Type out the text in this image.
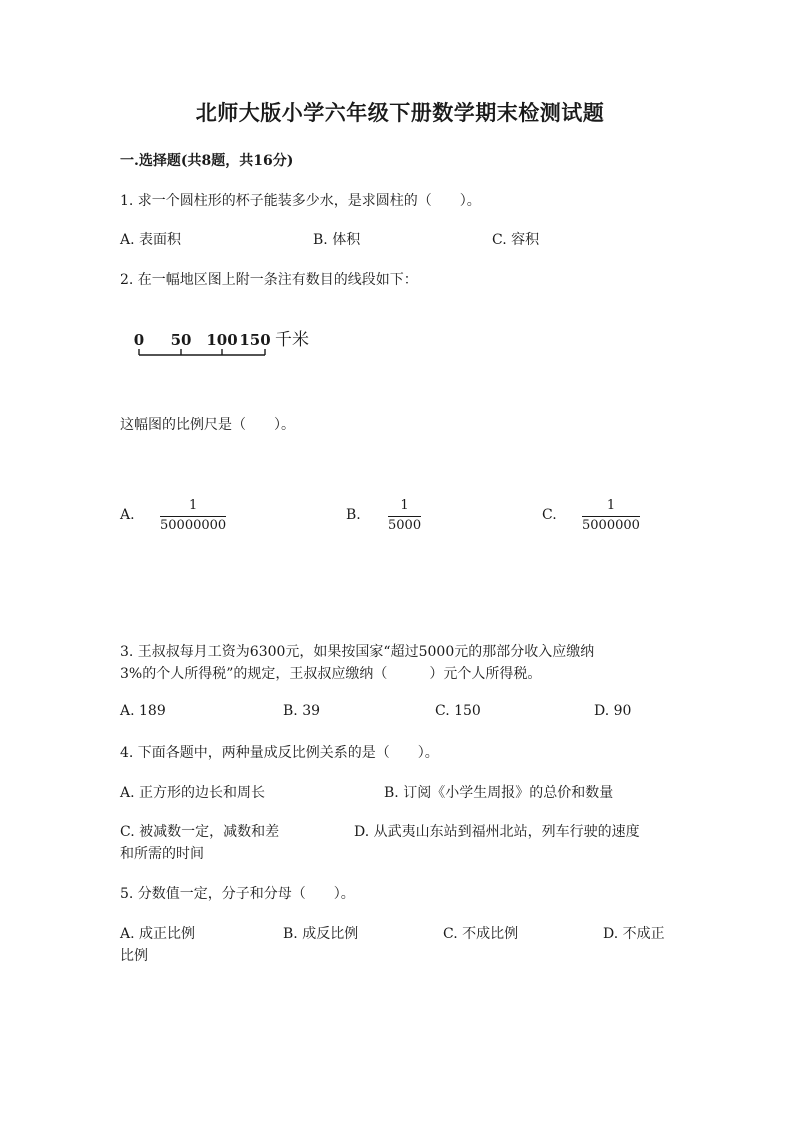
北师大版小学六年级下册数学期末检测试题
一.选择题(共8题，共16分)
1. 求一个圆柱形的杯子能装多少水，是求圆柱的（　　）。
A. 表面积	B. 体积	C. 容积
2. 在一幅地区图上附一条注有数目的线段如下：
0 50 100 150 千米
这幅图的比例尺是（　　）。
A. $\frac{1}{50000000}$	B. $\frac{1}{5000}$	C. $\frac{1}{5000000}$
3. 王叔叔每月工资为6300元，如果按国家“超过5000元的那部分收入应缴纳
3%的个人所得税”的规定，王叔叔应缴纳（　　　）元个人所得税。
A. 189	B. 39	C. 150	D. 90
4. 下面各题中，两种量成反比例关系的是（　　）。
A. 正方形的边长和周长	B. 订阅《小学生周报》的总价和数量
C. 被减数一定，减数和差	D. 从武夷山东站到福州北站，列车行驶的速度
和所需的时间
5. 分数值一定，分子和分母（　　）。
A. 成正比例	B. 成反比例	C. 不成比例	D. 不成正
比例
